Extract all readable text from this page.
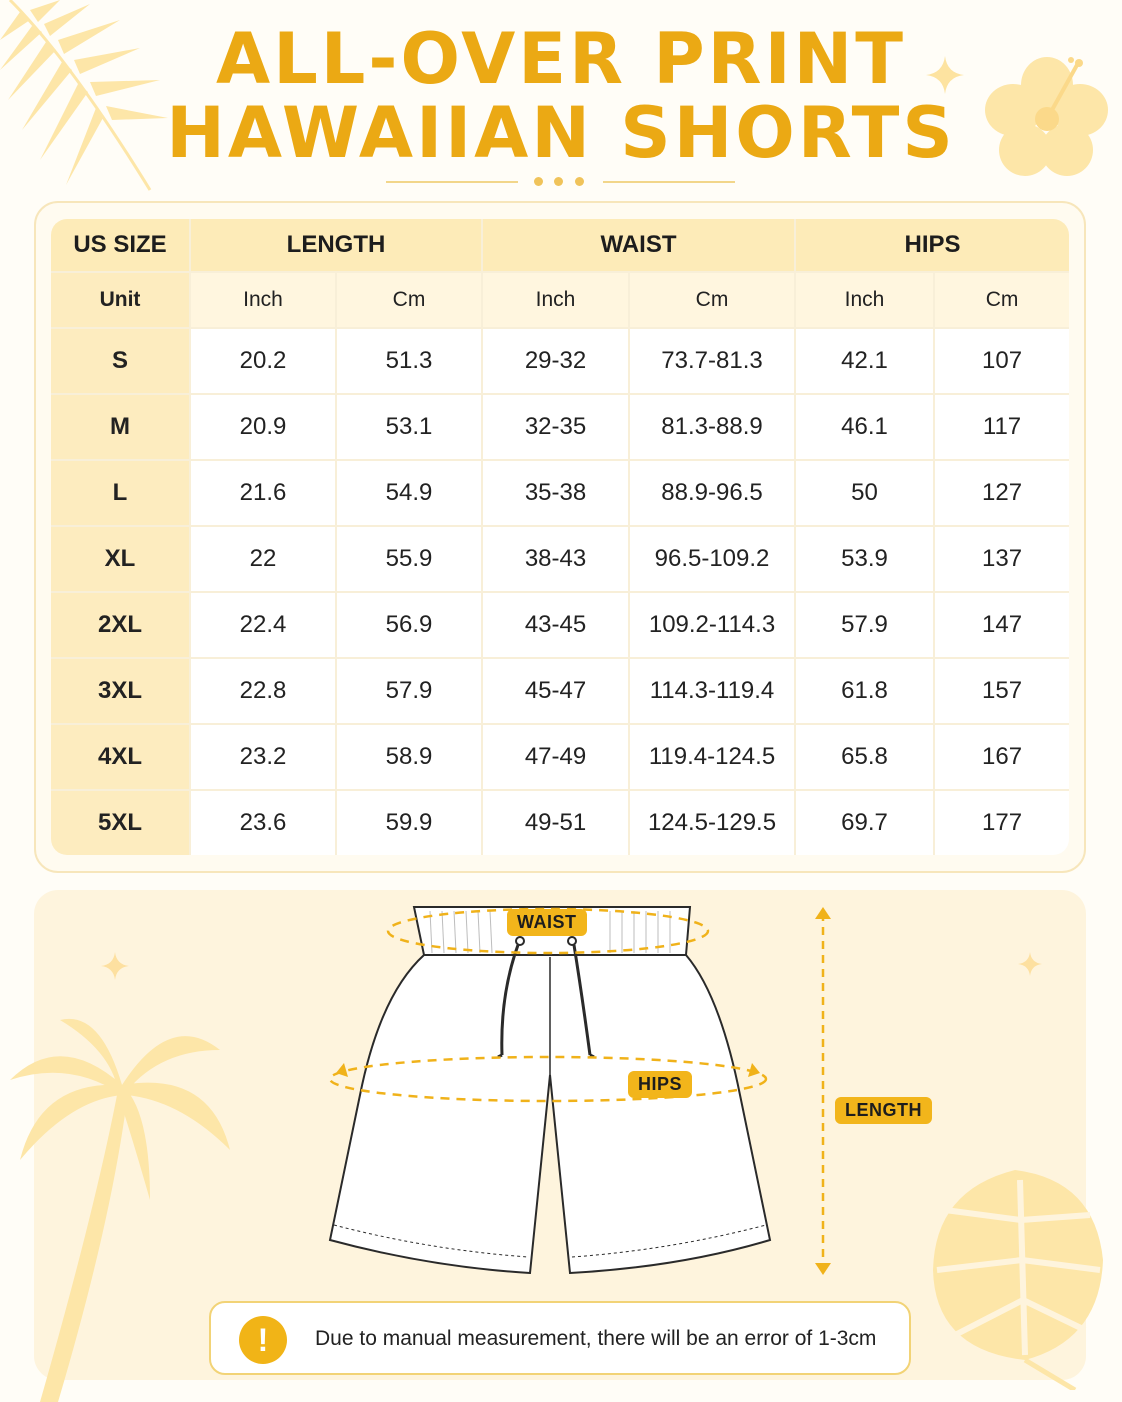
ALL-OVER PRINT
HAWAIIAN SHORTS
US SIZE	LENGTH		WAIST		HIPS	
Unit	Inch	Cm	Inch	Cm	Inch	Cm
S	20.2	51.3	29-32	73.7-81.3	42.1	107
M	20.9	53.1	32-35	81.3-88.9	46.1	117
L	21.6	54.9	35-38	88.9-96.5	50	127
XL	22	55.9	38-43	96.5-109.2	53.9	137
2XL	22.4	56.9	43-45	109.2-114.3	57.9	147
3XL	22.8	57.9	45-47	114.3-119.4	61.8	157
4XL	23.2	58.9	47-49	119.4-124.5	65.8	167
5XL	23.6	59.9	49-51	124.5-129.5	69.7	177
WAIST
HIPS
LENGTH
!	Due to manual measurement, there will be an error of 1-3cm
